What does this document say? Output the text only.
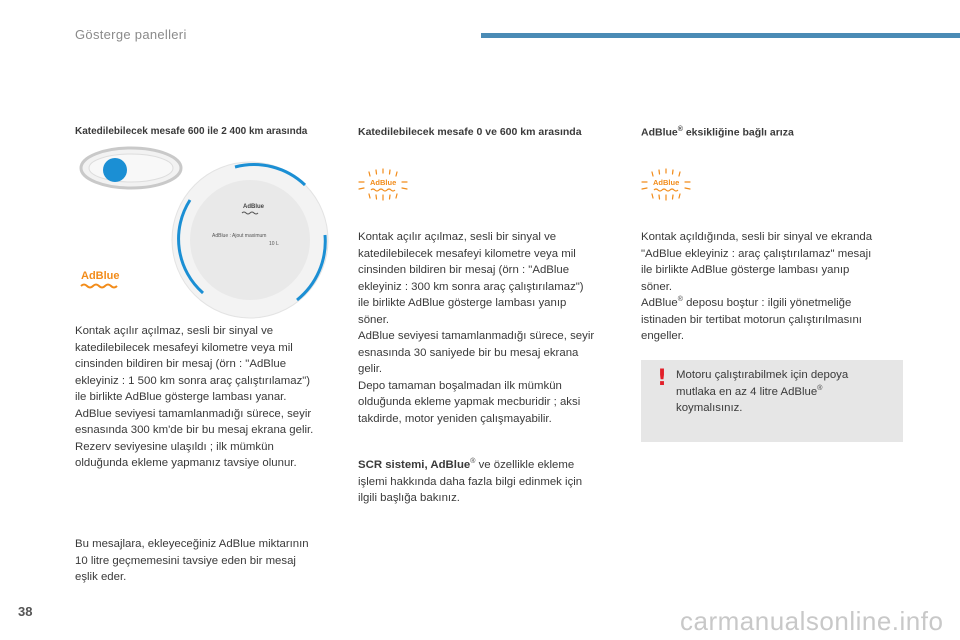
Gösterge panelleri
Katedilebilecek mesafe 600 ile 2 400 km arasında
AdBlue
AdBlue : Ajout maximum
10 L
AdBlue
Kontak açılır açılmaz, sesli bir sinyal ve
katedilebilecek mesafeyi kilometre veya mil
cinsinden bildiren bir mesaj (örn : "AdBlue
ekleyiniz : 1 500 km sonra araç çalıştırılamaz")
ile birlikte AdBlue gösterge lambası yanar.
AdBlue seviyesi tamamlanmadığı sürece, seyir
esnasında 300 km'de bir bu mesaj ekrana gelir.
Rezerv seviyesine ulaşıldı ; ilk mümkün
olduğunda ekleme yapmanız tavsiye olunur.
Bu mesajlara, ekleyeceğiniz AdBlue miktarının
10 litre geçmemesini tavsiye eden bir mesaj
eşlik eder.
Katedilebilecek mesafe 0 ve 600 km arasında
AdBlue
Kontak açılır açılmaz, sesli bir sinyal ve
katedilebilecek mesafeyi kilometre veya mil
cinsinden bildiren bir mesaj (örn : "AdBlue
ekleyiniz : 300 km sonra araç çalıştırılamaz")
ile birlikte AdBlue gösterge lambası yanıp
söner.
AdBlue seviyesi tamamlanmadığı sürece, seyir
esnasında 30 saniyede bir bu mesaj ekrana
gelir.
Depo tamaman boşalmadan ilk mümkün
olduğunda ekleme yapmak mecburidir ; aksi
takdirde, motor yeniden çalışmayabilir.
SCR sistemi, AdBlue® ve özellikle ekleme
işlemi hakkında daha fazla bilgi edinmek için
ilgili başlığa bakınız.
AdBlue® eksikliğine bağlı arıza
AdBlue
Kontak açıldığında, sesli bir sinyal ve ekranda
"AdBlue ekleyiniz : araç çalıştırılamaz" mesajı
ile birlikte AdBlue gösterge lambası yanıp
söner.
AdBlue® deposu boştur : ilgili yönetmeliğe
istinaden bir tertibat motorun çalıştırılmasını
engeller.
! Motoru çalıştırabilmek için depoya
mutlaka en az 4 litre AdBlue®
koymalısınız.
38	carmanualsonline.info
